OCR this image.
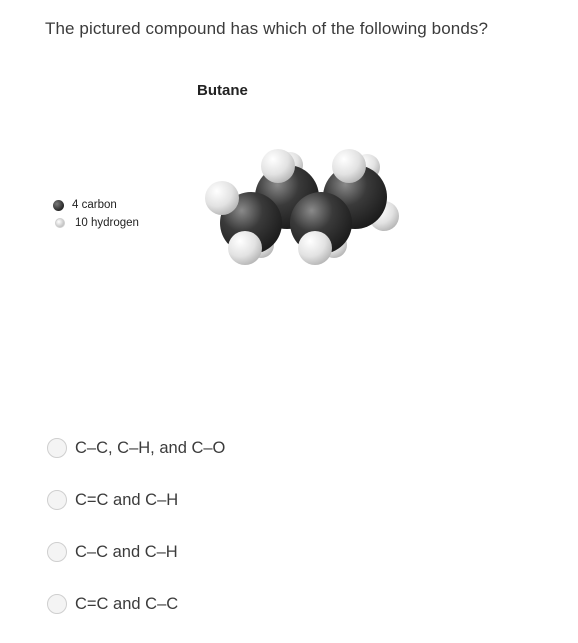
The pictured compound has which of the following bonds?
Butane
4 carbon
10 hydrogen
C–C, C–H, and C–O
C=C and C–H
C–C and C–H
C=C and C–C
